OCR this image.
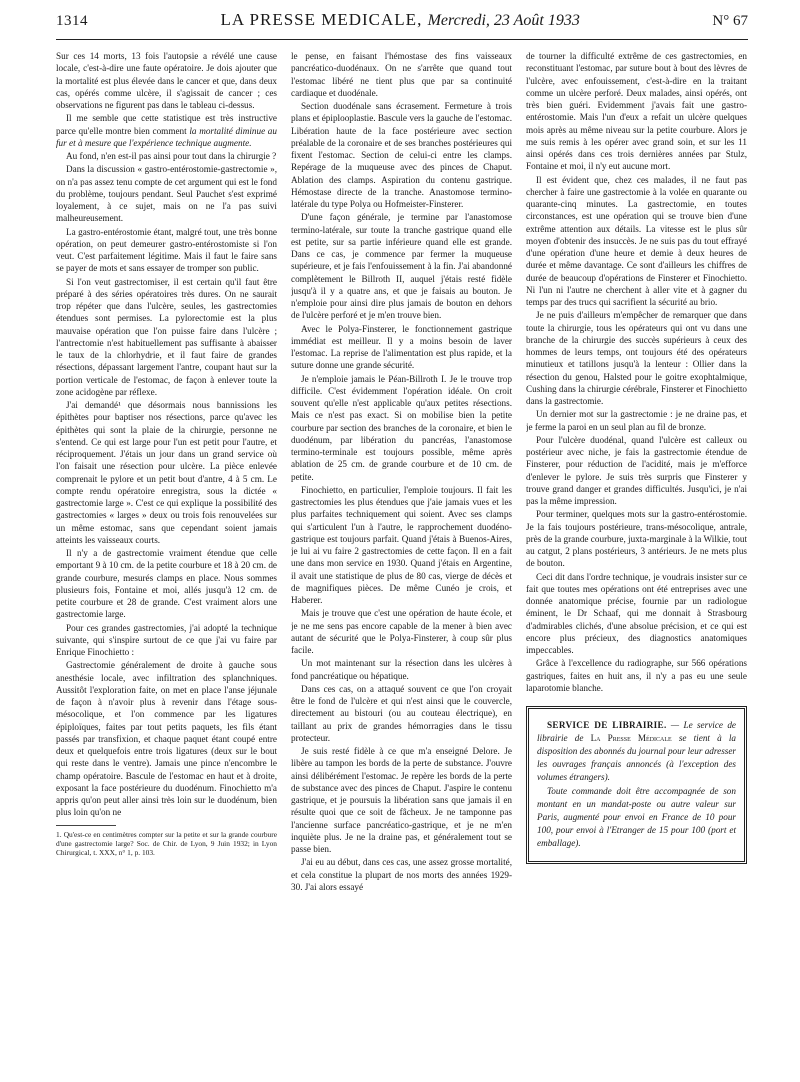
1314	LA PRESSE MEDICALE, Mercredi, 23 Août 1933	N° 67

Sur ces 14 morts, 13 fois l'autopsie a révélé une cause locale, c'est-à-dire une faute opératoire. Je dois ajouter que la mortalité est plus élevée dans le cancer et que, dans deux cas, opérés comme ulcère, il s'agissait de cancer ; ces observations ne figurent pas dans le tableau ci-dessus.

Il me semble que cette statistique est très instructive parce qu'elle montre bien comment la mortalité diminue au fur et à mesure que l'expérience technique augmente.

Au fond, n'en est-il pas ainsi pour tout dans la chirurgie ?

Dans la discussion « gastro-entérostomie-gastrectomie », on n'a pas assez tenu compte de cet argument qui est le fond du problème, toujours pendant. Seul Pauchet s'est exprimé loyalement, à ce sujet, mais on ne l'a pas suivi malheureusement.

La gastro-entérostomie étant, malgré tout, une très bonne opération, on peut demeurer gastro-entérostomiste si l'on veut. C'est parfaitement légitime. Mais il faut le faire sans se payer de mots et sans essayer de tromper son public.

Si l'on veut gastrectomiser, il est certain qu'il faut être préparé à des séries opératoires très dures. On ne saurait trop répéter que dans l'ulcère, seules, les gastrectomies étendues sont permises. La pylorectomie est la plus mauvaise opération que l'on puisse faire dans l'ulcère ; l'antrectomie n'est habituellement pas suffisante à abaisser le taux de la chlorhydrie, et il faut faire de grandes résections, dépassant largement l'antre, coupant haut sur la portion verticale de l'estomac, de façon à enlever toute la zone acidogène par réflexe.

J'ai demandé¹ que désormais nous bannissions les épithètes pour baptiser nos résections, parce qu'avec les épithètes qui sont la plaie de la chirurgie, personne ne s'entend. Ce qui est large pour l'un est petit pour l'autre, et réciproquement. J'étais un jour dans un grand service où l'on faisait une résection pour ulcère. La pièce enlevée comprenait le pylore et un petit bout d'antre, 4 à 5 cm. Le compte rendu opératoire enregistra, sous la dictée « gastrectomie large ». C'est ce qui explique la possibilité des gastrectomies « larges » deux ou trois fois renouvelées sur un même estomac, sans que cependant soient jamais atteints les vaisseaux courts.

Il n'y a de gastrectomie vraiment étendue que celle emportant 9 à 10 cm. de la petite courbure et 18 à 20 cm. de grande courbure, mesurés clamps en place. Nous sommes plusieurs fois, Fontaine et moi, allés jusqu'à 12 cm. de petite courbure et 28 de grande. C'est vraiment alors une gastrectomie large.

Pour ces grandes gastrectomies, j'ai adopté la technique suivante, qui s'inspire surtout de ce que j'ai vu faire par Enrique Finochietto :

Gastrectomie généralement de droite à gauche sous anesthésie locale, avec infiltration des splanchniques. Aussitôt l'exploration faite, on met en place l'anse jéjunale de façon à n'avoir plus à revenir dans l'étage sous-mésocolique, et l'on commence par les ligatures épiploïques, faites par tout petits paquets, les fils étant passés par transfixion, et chaque paquet étant coupé entre deux et quelquefois entre trois ligatures (deux sur le bout qui reste dans le ventre). Jamais une pince n'encombre le champ opératoire. Bascule de l'estomac en haut et à droite, exposant la face postérieure du duodénum. Finochietto m'a appris qu'on peut aller ainsi très loin sur le duodénum, bien plus loin qu'on ne

1. Qu'est-ce en centimètres compter sur la petite et sur la grande courbure d'une gastrectomie large? Soc. de Chir. de Lyon, 9 Juin 1932; in Lyon Chirurgical, t. XXX, n° 1, p. 103.

le pense, en faisant l'hémostase des fins vaisseaux pancréatico-duodénaux. On ne s'arrête que quand tout l'estomac libéré ne tient plus que par sa continuité cardiaque et duodénale.

Section duodénale sans écrasement. Fermeture à trois plans et épiplooplastie. Bascule vers la gauche de l'estomac. Libération haute de la face postérieure avec section préalable de la coronaire et de ses branches postérieures qui fixent l'estomac. Section de celui-ci entre les clamps. Repérage de la muqueuse avec des pinces de Chaput. Ablation des clamps. Aspiration du contenu gastrique. Hémostase directe de la tranche. Anastomose termino-latérale du type Polya ou Hofmeister-Finsterer.

D'une façon générale, je termine par l'anastomose termino-latérale, sur toute la tranche gastrique quand elle est petite, sur sa partie inférieure quand elle est grande. Dans ce cas, je commence par fermer la muqueuse supérieure, et je fais l'enfouissement à la fin. J'ai abandonné complètement le Billroth II, auquel j'étais resté fidèle jusqu'à il y a quatre ans, et que je faisais au bouton. Je n'emploie pour ainsi dire plus jamais de bouton en dehors de l'ulcère perforé et je m'en trouve bien.

Avec le Polya-Finsterer, le fonctionnement gastrique immédiat est meilleur. Il y a moins besoin de laver l'estomac. La reprise de l'alimentation est plus rapide, et la suture donne une grande sécurité.

Je n'emploie jamais le Péan-Billroth I. Je le trouve trop difficile. C'est évidemment l'opération idéale. On croit souvent qu'elle n'est applicable qu'aux petites résections. Mais ce n'est pas exact. Si on mobilise bien la petite courbure par section des branches de la coronaire, et bien le duodénum, par libération du pancréas, l'anastomose termino-terminale est toujours possible, même après ablation de 25 cm. de grande courbure et de 10 cm. de petite.

Finochietto, en particulier, l'emploie toujours. Il fait les gastrectomies les plus étendues que j'aie jamais vues et les plus parfaites techniquement qui soient. Avec ses clamps qui s'articulent l'un à l'autre, le rapprochement duodéno-gastrique est toujours parfait. Quand j'étais à Buenos-Aires, je lui ai vu faire 2 gastrectomies de cette façon. Il en a fait une dans mon service en 1930. Quand j'étais en Argentine, il avait une statistique de plus de 80 cas, vierge de décès et de magnifiques pièces. De même Cunéo je crois, et Haberer.

Mais je trouve que c'est une opération de haute école, et je ne me sens pas encore capable de la mener à bien avec autant de sécurité que le Polya-Finsterer, à coup sûr plus facile.

Un mot maintenant sur la résection dans les ulcères à fond pancréatique ou hépatique.

Dans ces cas, on a attaqué souvent ce que l'on croyait être le fond de l'ulcère et qui n'est ainsi que le couvercle, directement au bistouri (ou au couteau électrique), en taillant au prix de grandes hémorragies dans le tissu protecteur.

Je suis resté fidèle à ce que m'a enseigné Delore. Je libère au tampon les bords de la perte de substance. J'ouvre ainsi délibérément l'estomac. Je repère les bords de la perte de substance avec des pinces de Chaput. J'aspire le contenu gastrique, et je poursuis la libération sans que jamais il en résulte quoi que ce soit de fâcheux. Je ne tamponne pas l'ancienne surface pancréatico-gastrique, et je ne m'en inquiète plus. Je ne la draine pas, et généralement tout se passe bien.

J'ai eu au début, dans ces cas, une assez grosse mortalité, et cela constitue la plupart de nos morts des années 1929-30. J'ai alors essayé

de tourner la difficulté extrême de ces gastrectomies, en reconstituant l'estomac, par suture bout à bout des lèvres de l'ulcère, avec enfouissement, c'est-à-dire en la traitant comme un ulcère perforé. Deux malades, ainsi opérés, ont très bien guéri. Evidemment j'avais fait une gastro-entérostomie. Mais l'un d'eux a refait un ulcère quelques mois après au même niveau sur la petite courbure. Alors je me suis remis à les opérer avec grand soin, et sur les 11 ainsi opérés dans ces trois dernières années par Stulz, Fontaine et moi, il n'y eut aucune mort.

Il est évident que, chez ces malades, il ne faut pas chercher à faire une gastrectomie à la volée en quarante ou quarante-cinq minutes. La gastrectomie, en toutes circonstances, est une opération qui se trouve bien d'une extrême attention aux détails. La vitesse est le plus sûr moyen d'obtenir des insuccès. Je ne suis pas du tout effrayé d'une opération d'une heure et demie à deux heures de durée et même davantage. Ce sont d'ailleurs les chiffres de durée de beaucoup d'opérations de Finsterer et Finochietto. Ni l'un ni l'autre ne cherchent à aller vite et à gagner du temps par des trucs qui sacrifient la sécurité au brio.

Je ne puis d'ailleurs m'empêcher de remarquer que dans toute la chirurgie, tous les opérateurs qui ont vu dans une branche de la chirurgie des succès supérieurs à ceux des hommes de leurs temps, ont toujours été des opérateurs minutieux et tatillons jusqu'à la lenteur : Ollier dans la résection du genou, Halsted pour le goitre exophtalmique, Cushing dans la chirurgie cérébrale, Finsterer et Finochietto dans la gastrectomie.

Un dernier mot sur la gastrectomie : je ne draine pas, et je ferme la paroi en un seul plan au fil de bronze.

Pour l'ulcère duodénal, quand l'ulcère est calleux ou postérieur avec niche, je fais la gastrectomie étendue de Finsterer, pour réduction de l'acidité, mais je m'efforce d'enlever le pylore. Je suis très surpris que Finsterer y trouve grand danger et grandes difficultés. Jusqu'ici, je n'ai pas la même impression.

Pour terminer, quelques mots sur la gastro-entérostomie. Je la fais toujours postérieure, trans-mésocolique, antrale, près de la grande courbure, juxta-marginale à la Wilkie, tout au catgut, 2 plans postérieurs, 3 antérieurs. Je ne mets plus de bouton.

Ceci dit dans l'ordre technique, je voudrais insister sur ce fait que toutes mes opérations ont été entreprises avec une donnée anatomique précise, fournie par un radiologue éminent, le Dr Schaaf, qui me donnait à Strasbourg d'admirables clichés, d'une absolue précision, et ce qui est encore plus précieux, des diagnostics anatomiques impeccables.

Grâce à l'excellence du radiographe, sur 566 opérations gastriques, faites en huit ans, il n'y a pas eu une seule laparotomie blanche.

SERVICE DE LIBRAIRIE. — Le service de librairie de La Presse Médicale se tient à la disposition des abonnés du journal pour leur adresser les ouvrages français annoncés (à l'exception des volumes étrangers).

Toute commande doit être accompagnée de son montant en un mandat-poste ou autre valeur sur Paris, augmenté pour envoi en France de 10 pour 100, pour envoi à l'Etranger de 15 pour 100 (port et emballage).
